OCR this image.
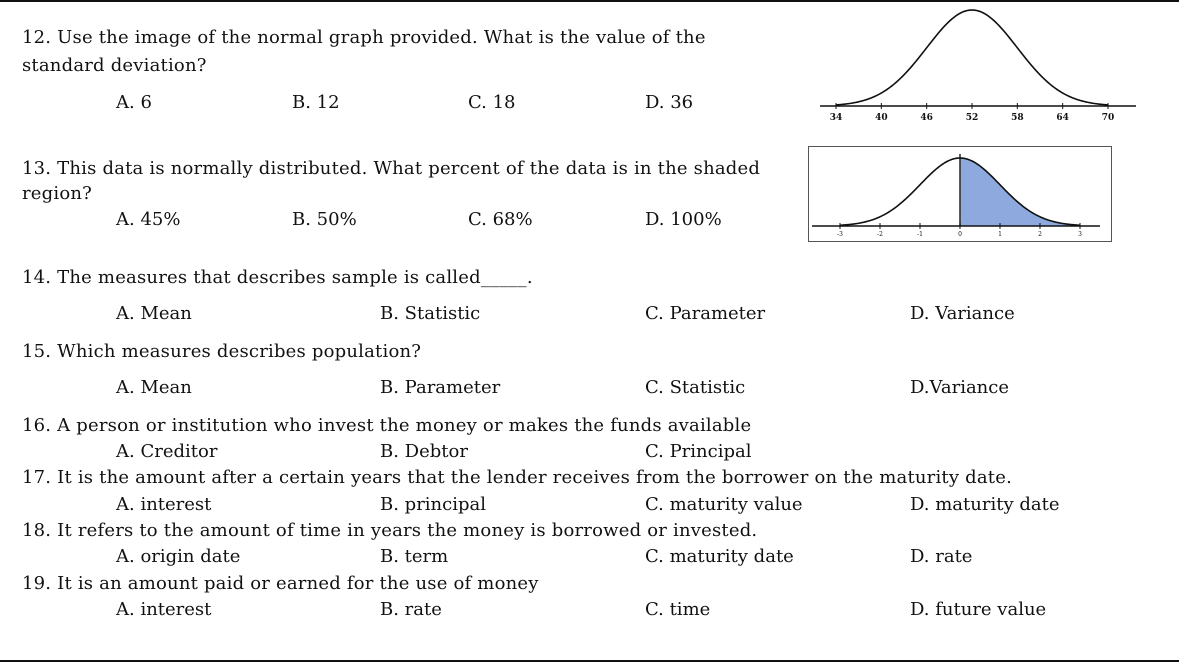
12. Use the image of the normal graph provided. What is the value of the
standard deviation?
A. 6	B. 12	C. 18	D. 36
13. This data is normally distributed. What percent of the data is in the shaded
region?
A. 45%	B. 50%	C. 68%	D. 100%
14. The measures that describes sample is called_____.
A. Mean	B. Statistic	C. Parameter	D. Variance
15. Which measures describes population?
A. Mean	B. Parameter	C. Statistic	D.Variance
16. A person or institution who invest the money or makes the funds available
A. Creditor	B. Debtor	C. Principal
17. It is the amount after a certain years that the lender receives from the borrower on the maturity date.
A. interest	B. principal	C. maturity value	D. maturity date
18. It refers to the amount of time in years the money is borrowed or invested.
A. origin date	B. term	C. maturity date	D. rate
19. It is an amount paid or earned for the use of money
A. interest	B. rate	C. time	D. future value
34	40	46	52	58	64	70
-3	-2	-1	0	1	2	3
